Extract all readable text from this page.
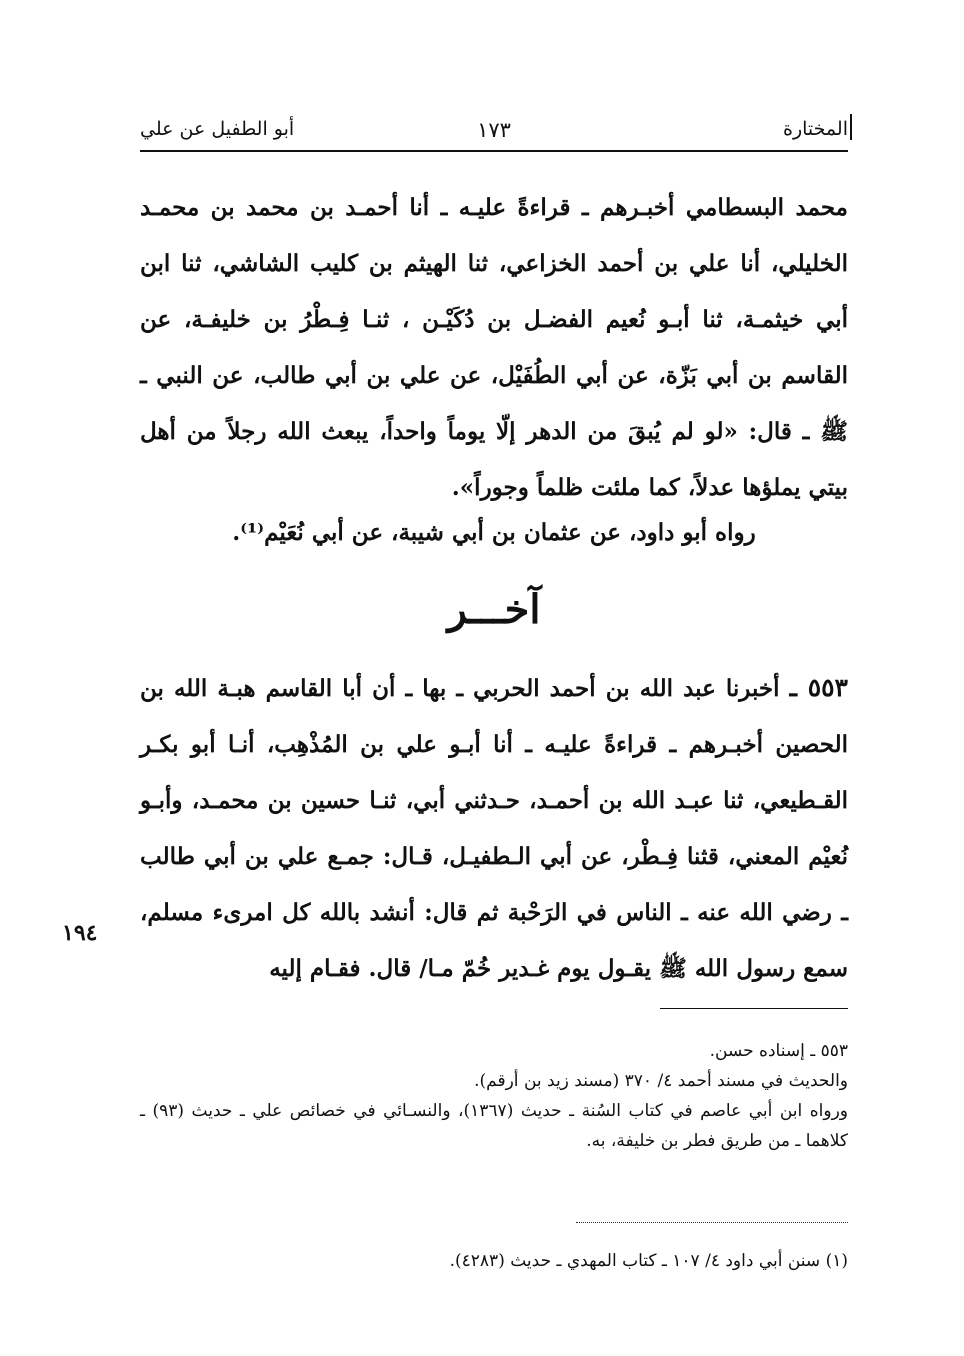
المختارة
١٧٣
أبو الطفيل عن علي
محمد البسطامي أخبـرهم ـ قراءةً عليـه ـ أنا أحمـد بن محمد بن محمـد الخليلي، أنا علي بن أحمد الخزاعي، ثنا الهيثم بن كليب الشاشي، ثنا ابن أبي خيثمـة، ثنا أبـو نُعيم الفضـل بن دُكَيْـن ، ثنـا فِـطْرُ بن خليفـة، عن القاسم بن أبي بَزّة، عن أبي الطُفَيْل، عن علي بن أبي طالب، عن النبي ـ ﷺ ـ قال: «لو لم يُبقَ من الدهر إلّا يوماً واحداً، يبعث الله رجلاً من أهل بيتي يملؤها عدلاً، كما ملئت ظلماً وجوراً».
رواه أبو داود، عن عثمان بن أبي شيبة، عن أبي نُعَيْم⁽¹⁾.
آخـــر
٥٥٣ ـ أخبرنا عبد الله بن أحمد الحربي ـ بها ـ أن أبا القاسم هبـة الله بن الحصين أخبـرهم ـ قراءةً عليـه ـ أنا أبـو علي بن المُذْهِب، أنـا أبو بكـر القـطيعي، ثنا عبـد الله بن أحمـد، حـدثني أبي، ثنـا حسين بن محمـد، وأبـو نُعيْم المعني، قثنا فِـطْر، عن أبي الـطفيـل، قـال: جمـع علي بن أبي طالب ـ رضي الله عنه ـ الناس في الرَحْبة ثم قال: أنشد بالله كل امرىء مسلم، سمع رسول الله ﷺ يقـول يوم غـدير خُمّ مـا/ قال. فقـام إليه
١٩٤
٥٥٣ ـ إسناده حسن.
والحديث في مسند أحمد ٤/ ٣٧٠ (مسند زيد بن أرقم).
ورواه ابن أبي عاصم في كتاب السُنة ـ حديث (١٣٦٧)، والنسـائي في خصائص علي ـ حديث (٩٣) ـ كلاهما ـ من طريق فطر بن خليفة، به.
(١) سنن أبي داود ٤/ ١٠٧ ـ كتاب المهدي ـ حديث (٤٢٨٣).
